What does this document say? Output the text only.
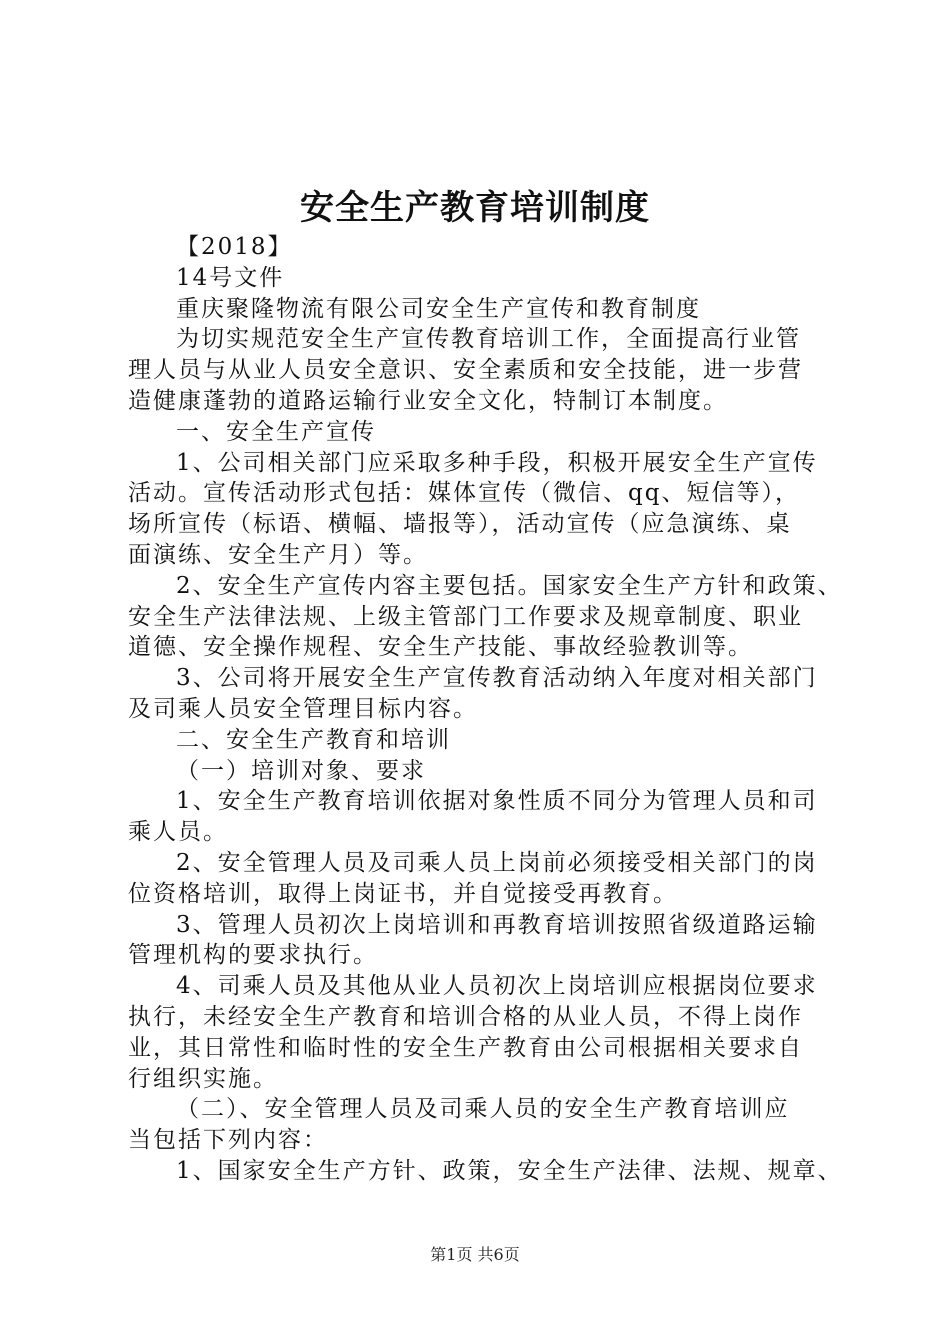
安全生产教育培训制度
【2018】
14号文件
重庆聚隆物流有限公司安全生产宣传和教育制度
为切实规范安全生产宣传教育培训工作，全面提高行业管
理人员与从业人员安全意识、安全素质和安全技能，进一步营
造健康蓬勃的道路运输行业安全文化，特制订本制度。
一、安全生产宣传
1、公司相关部门应采取多种手段，积极开展安全生产宣传
活动。宣传活动形式包括：媒体宣传（微信、qq、短信等），
场所宣传（标语、横幅、墙报等），活动宣传（应急演练、桌
面演练、安全生产月）等。
2、安全生产宣传内容主要包括。国家安全生产方针和政策、
安全生产法律法规、上级主管部门工作要求及规章制度、职业
道德、安全操作规程、安全生产技能、事故经验教训等。
3、公司将开展安全生产宣传教育活动纳入年度对相关部门
及司乘人员安全管理目标内容。
二、安全生产教育和培训
（一）培训对象、要求
1、安全生产教育培训依据对象性质不同分为管理人员和司
乘人员。
2、安全管理人员及司乘人员上岗前必须接受相关部门的岗
位资格培训，取得上岗证书，并自觉接受再教育。
3、管理人员初次上岗培训和再教育培训按照省级道路运输
管理机构的要求执行。
4、司乘人员及其他从业人员初次上岗培训应根据岗位要求
执行，未经安全生产教育和培训合格的从业人员，不得上岗作
业，其日常性和临时性的安全生产教育由公司根据相关要求自
行组织实施。
（二）、安全管理人员及司乘人员的安全生产教育培训应
当包括下列内容：
1、国家安全生产方针、政策，安全生产法律、法规、规章、
第1页 共6页
